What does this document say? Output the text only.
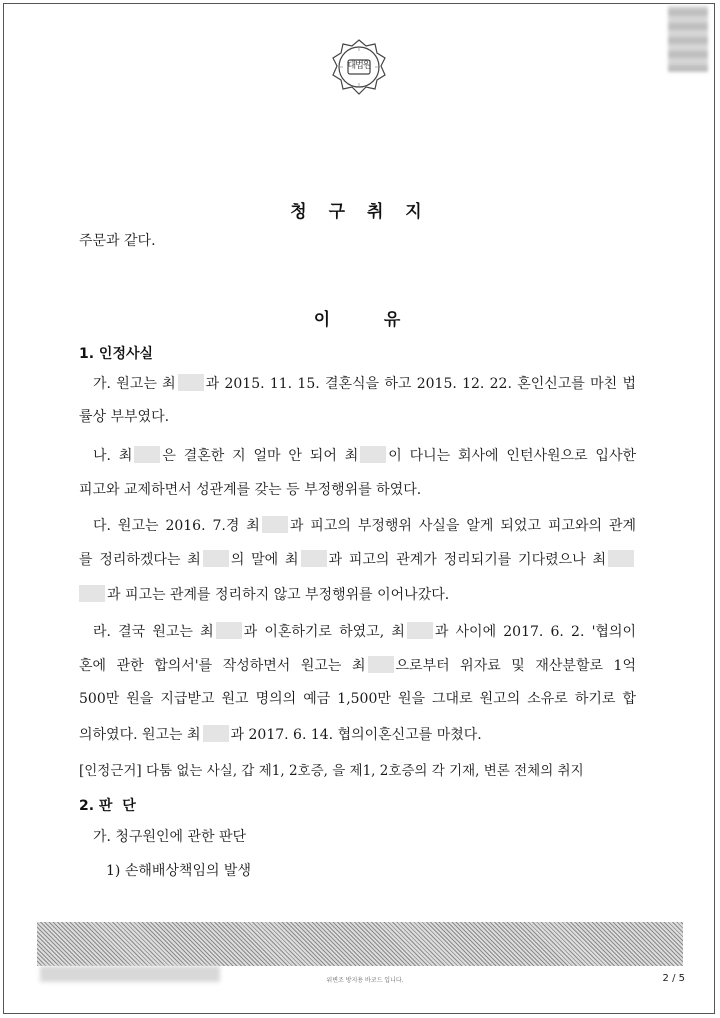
대법원
청 구 취 지
주문과 같다.
이    유
1. 인정사실
가. 원고는 최 과 2015. 11. 15. 결혼식을 하고 2015. 12. 22. 혼인신고를 마친 법
률상 부부였다.
나. 최 은 결혼한 지 얼마 안 되어 최 이 다니는 회사에 인턴사원으로 입사한
피고와 교제하면서 성관계를 갖는 등 부정행위를 하였다.
다. 원고는 2016. 7.경 최 과 피고의 부정행위 사실을 알게 되었고 피고와의 관계
를 정리하겠다는 최 의 말에 최 과 피고의 관계가 정리되기를 기다렸으나 최
과 피고는 관계를 정리하지 않고 부정행위를 이어나갔다.
라. 결국 원고는 최 과 이혼하기로 하였고, 최 과 사이에 2017. 6. 2. '협의이
혼에 관한 합의서'를 작성하면서 원고는 최 으로부터 위자료 및 재산분할로 1억
500만 원을 지급받고 원고 명의의 예금 1,500만 원을 그대로 원고의 소유로 하기로 합
의하였다. 원고는 최 과 2017. 6. 14. 협의이혼신고를 마쳤다.
[인정근거] 다툼 없는 사실, 갑 제1, 2호증, 을 제1, 2호증의 각 기재, 변론 전체의 취지
2. 판  단
가. 청구원인에 관한 판단
1) 손해배상책임의 발생
위변조 방지용 바코드 입니다.	2 / 5
